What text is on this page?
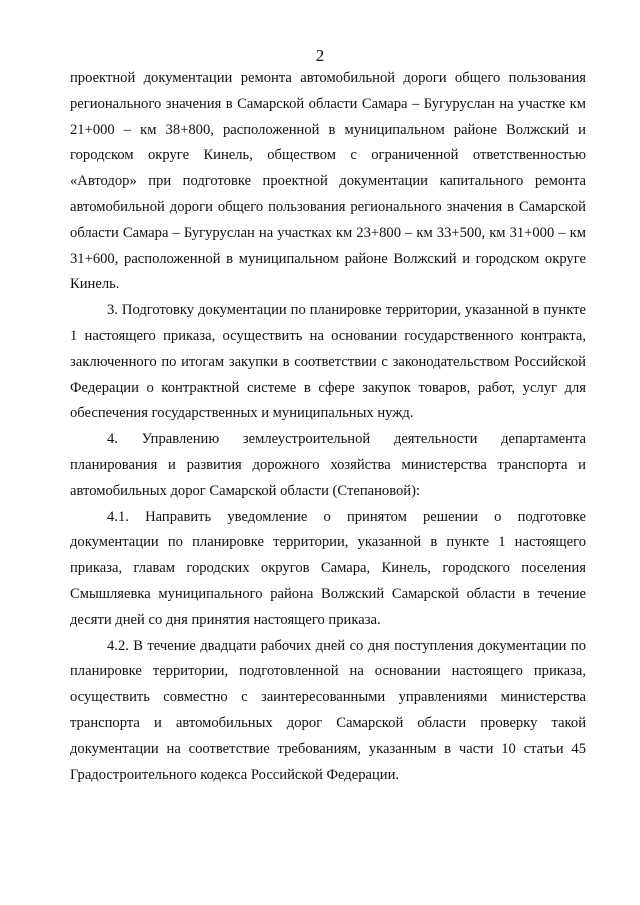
2

проектной документации ремонта автомобильной дороги общего пользования регионального значения в Самарской области Самара – Бугуруслан на участке км 21+000 – км 38+800, расположенной в муниципальном районе Волжский и городском округе Кинель, обществом с ограниченной ответственностью «Автодор» при подготовке проектной документации капитального ремонта автомобильной дороги общего пользования регионального значения в Самарской области Самара – Бугуруслан на участках км 23+800 – км 33+500, км 31+000 – км 31+600, расположенной в муниципальном районе Волжский и городском округе Кинель.

3. Подготовку документации по планировке территории, указанной в пункте 1 настоящего приказа, осуществить на основании государственного контракта, заключенного по итогам закупки в соответствии с законодательством Российской Федерации о контрактной системе в сфере закупок товаров, работ, услуг для обеспечения государственных и муниципальных нужд.

4. Управлению землеустроительной деятельности департамента планирования и развития дорожного хозяйства министерства транспорта и автомобильных дорог Самарской области (Степановой):

4.1. Направить уведомление о принятом решении о подготовке документации по планировке территории, указанной в пункте 1 настоящего приказа, главам городских округов Самара, Кинель, городского поселения Смышляевка муниципального района Волжский Самарской области в течение десяти дней со дня принятия настоящего приказа.

4.2. В течение двадцати рабочих дней со дня поступления документации по планировке территории, подготовленной на основании настоящего приказа, осуществить совместно с заинтересованными управлениями министерства транспорта и автомобильных дорог Самарской области проверку такой документации на соответствие требованиям, указанным в части 10 статьи 45 Градостроительного кодекса Российской Федерации.
